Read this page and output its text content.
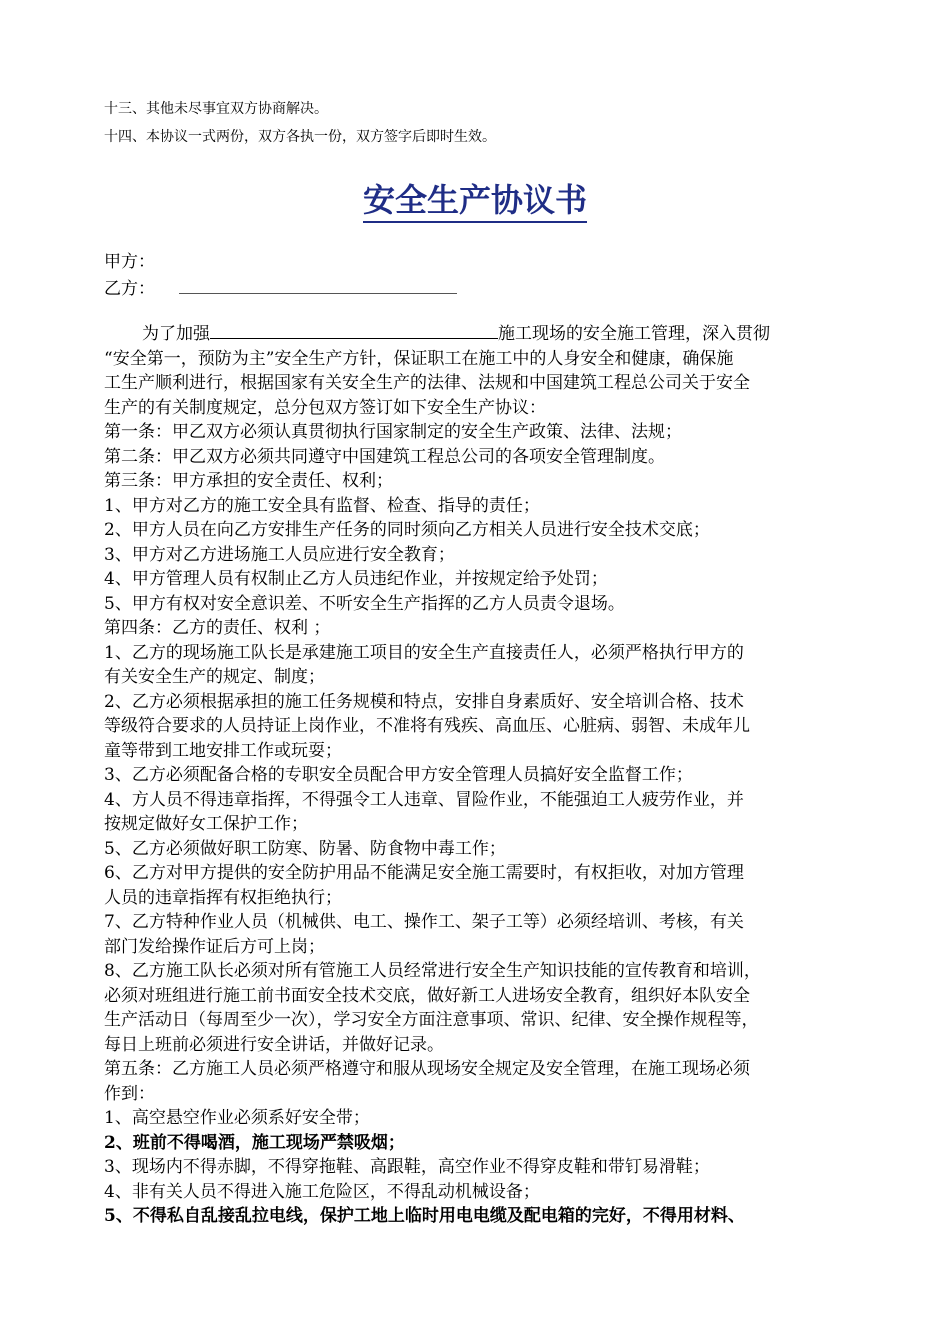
十三、其他未尽事宜双方协商解决。
十四、本协议一式两份，双方各执一份，双方签字后即时生效。
安全生产协议书
甲方：
乙方：
为了加强	施工现场的安全施工管理，深入贯彻
“安全第一，预防为主”安全生产方针，保证职工在施工中的人身安全和健康，确保施
工生产顺利进行，根据国家有关安全生产的法律、法规和中国建筑工程总公司关于安全
生产的有关制度规定，总分包双方签订如下安全生产协议：
第一条：甲乙双方必须认真贯彻执行国家制定的安全生产政策、法律、法规；
第二条：甲乙双方必须共同遵守中国建筑工程总公司的各项安全管理制度。
第三条：甲方承担的安全责任、权利；
1、甲方对乙方的施工安全具有监督、检查、指导的责任；
2、甲方人员在向乙方安排生产任务的同时须向乙方相关人员进行安全技术交底；
3、甲方对乙方进场施工人员应进行安全教育；
4、甲方管理人员有权制止乙方人员违纪作业，并按规定给予处罚；
5、甲方有权对安全意识差、不听安全生产指挥的乙方人员责令退场。
第四条：乙方的责任、权利 ；
1、乙方的现场施工队长是承建施工项目的安全生产直接责任人，必须严格执行甲方的
有关安全生产的规定、制度；
2、乙方必须根据承担的施工任务规模和特点，安排自身素质好、安全培训合格、技术
等级符合要求的人员持证上岗作业，不准将有残疾、高血压、心脏病、弱智、未成年儿
童等带到工地安排工作或玩耍；
3、乙方必须配备合格的专职安全员配合甲方安全管理人员搞好安全监督工作；
4、方人员不得违章指挥，不得强令工人违章、冒险作业，不能强迫工人疲劳作业，并
按规定做好女工保护工作；
5、乙方必须做好职工防寒、防暑、防食物中毒工作；
6、乙方对甲方提供的安全防护用品不能满足安全施工需要时，有权拒收，对加方管理
人员的违章指挥有权拒绝执行；
7、乙方特种作业人员（机械供、电工、操作工、架子工等）必须经培训、考核，有关
部门发给操作证后方可上岗；
8、乙方施工队长必须对所有管施工人员经常进行安全生产知识技能的宣传教育和培训，
必须对班组进行施工前书面安全技术交底，做好新工人进场安全教育，组织好本队安全
生产活动日（每周至少一次），学习安全方面注意事项、常识、纪律、安全操作规程等，
每日上班前必须进行安全讲话，并做好记录。
第五条：乙方施工人员必须严格遵守和服从现场安全规定及安全管理，在施工现场必须
作到：
1、高空悬空作业必须系好安全带；
2、班前不得喝酒，施工现场严禁吸烟；
3、现场内不得赤脚，不得穿拖鞋、高跟鞋，高空作业不得穿皮鞋和带钉易滑鞋；
4、非有关人员不得进入施工危险区，不得乱动机械设备；
5、不得私自乱接乱拉电线，保护工地上临时用电电缆及配电箱的完好，不得用材料、
